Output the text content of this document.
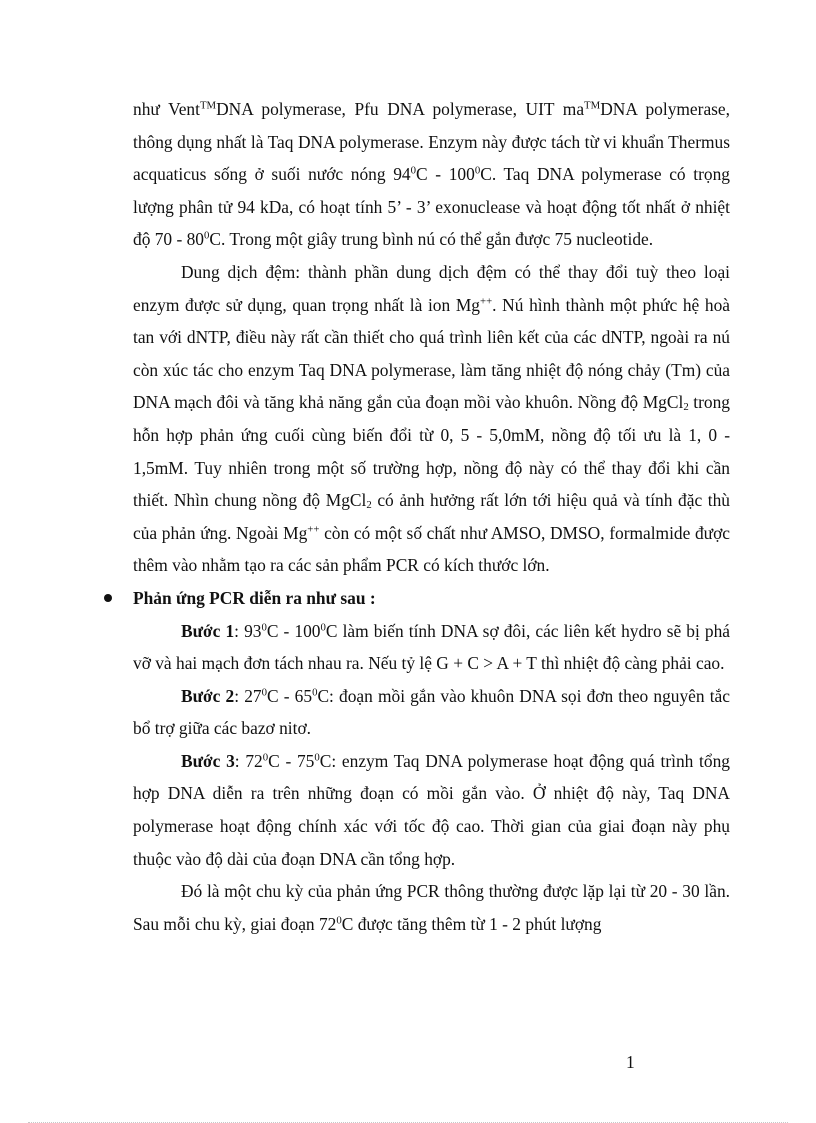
như Vent™DNA polymerase, Pfu DNA polymerase, UIT ma™DNA polymerase, thông dụng nhất là Taq DNA polymerase. Enzym này được tách từ vi khuẩn Thermus acquaticus sống ở suối nước nóng $94^0C - 100^0C$. Taq DNA polymerase có trọng lượng phân tử 94 kDa, có hoạt tính 5’ - 3’ exonuclease và hoạt động tốt nhất ở nhiệt độ $70 - 80^0C$. Trong một giây trung bình nú có thể gắn được 75 nucleotide.

Dung dịch đệm: thành phần dung dịch đệm có thể thay đổi tuỳ theo loại enzym được sử dụng, quan trọng nhất là ion Mg++. Nú hình thành một phức hệ hoà tan với dNTP, điều này rất cần thiết cho quá trình liên kết của các dNTP, ngoài ra nú còn xúc tác cho enzym Taq DNA polymerase, làm tăng nhiệt độ nóng chảy (Tm) của DNA mạch đôi và tăng khả năng gắn của đoạn mồi vào khuôn. Nồng độ MgCl$_2$ trong hỗn hợp phản ứng cuối cùng biến đổi từ 0, 5 - 5,0mM, nồng độ tối ưu là 1, 0 - 1,5mM. Tuy nhiên trong một số trường hợp, nồng độ này có thể thay đổi khi cần thiết. Nhìn chung nồng độ MgCl$_2$ có ảnh hưởng rất lớn tới hiệu quả và tính đặc thù của phản ứng. Ngoài Mg++ còn có một số chất như AMSO, DMSO, formalmide được thêm vào nhằm tạo ra các sản phẩm PCR có kích thước lớn.

Phản ứng PCR diễn ra như sau :

Bước 1: $93^0C - 100^0C$ làm biến tính DNA sợ đôi, các liên kết hydro sẽ bị phá vỡ và hai mạch đơn tách nhau ra. Nếu tỷ lệ G + C > A + T thì nhiệt độ càng phải cao.

Bước 2: $27^0C - 65^0C$: đoạn mồi gắn vào khuôn DNA sọi đơn theo nguyên tắc bổ trợ giữa các bazơ nitơ.

Bước 3: $72^0C - 75^0C$: enzym Taq DNA polymerase hoạt động quá trình tổng hợp DNA diễn ra trên những đoạn có mồi gắn vào. Ở nhiệt độ này, Taq DNA polymerase hoạt động chính xác với tốc độ cao. Thời gian của giai đoạn này phụ thuộc vào độ dài của đoạn DNA cần tổng hợp.

Đó là một chu kỳ của phản ứng PCR thông thường được lặp lại từ 20 - 30 lần. Sau mỗi chu kỳ, giai đoạn $72^0C$ được tăng thêm từ 1 - 2 phút lượng

1
